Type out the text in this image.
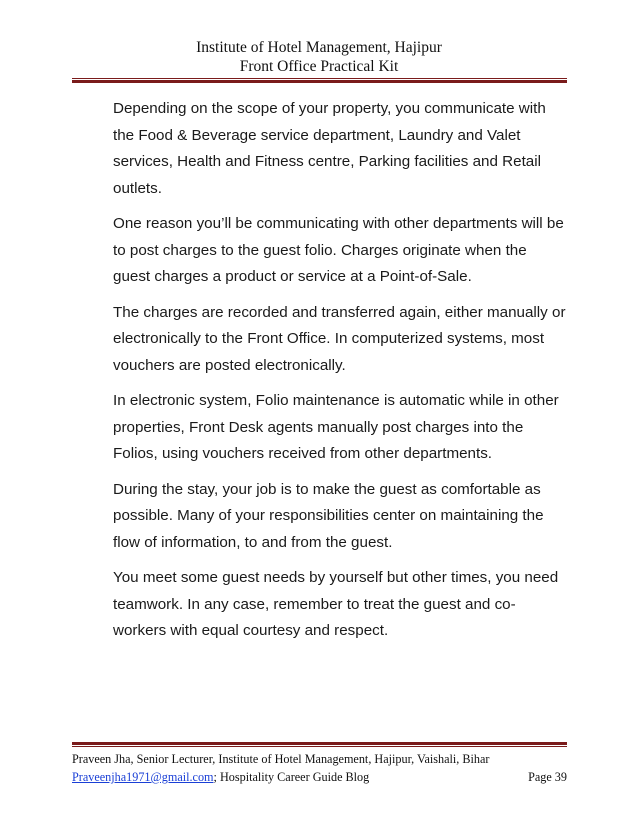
Institute of Hotel Management, Hajipur
Front Office Practical Kit

Depending on the scope of your property, you communicate with the Food & Beverage service department, Laundry and Valet services, Health and Fitness centre, Parking facilities and Retail outlets.

One reason you’ll be communicating with other departments will be to post charges to the guest folio. Charges originate when the guest charges a product or service at a Point-of-Sale.

The charges are recorded and transferred again, either manually or electronically to the Front Office. In computerized systems, most vouchers are posted electronically.

In electronic system, Folio maintenance is automatic while in other properties, Front Desk agents manually post charges into the Folios, using vouchers received from other departments.

During the stay, your job is to make the guest as comfortable as possible. Many of your responsibilities center on maintaining the flow of information, to and from the guest.

You meet some guest needs by yourself but other times, you need teamwork. In any case, remember to treat the guest and co-workers with equal courtesy and respect.

Praveen Jha, Senior Lecturer, Institute of Hotel Management, Hajipur, Vaishali, Bihar
Praveenjha1971@gmail.com; Hospitality Career Guide Blog	Page 39
